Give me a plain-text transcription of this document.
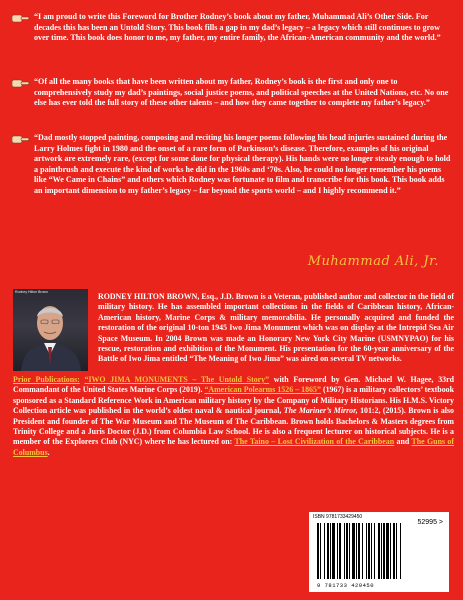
“I am proud to write this Foreword for Brother Rodney’s book about my father, Muhammad Ali’s Other Side. For decades this has been an Untold Story. This book fills a gap in my dad’s legacy – a legacy which still continues to grow over time. This book does honor to me, my father, my entire family, the African-American community and the world.”

“Of all the many books that have been written about my father, Rodney’s book is the first and only one to comprehensively study my dad’s paintings, social justice poems, and political speeches at the United Nations, etc. No one else has ever told the full story of these other talents – and how they came together to complete my father’s legacy.”

“Dad mostly stopped painting, composing and reciting his longer poems following his head injuries sustained during the Larry Holmes fight in 1980 and the onset of a rare form of Parkinson’s disease. Therefore, examples of his original artwork are extremely rare, (except for some done for physical therapy). His hands were no longer steady enough to hold a paintbrush and execute the kind of works he did in the 1960s and ‘70s. Also, he could no longer remember his poems like “We Came in Chains” and others which Rodney was fortunate to film and transcribe for this book. This book adds an important dimension to my father’s legacy – far beyond the sports world – and I highly recommend it.”

Muhammad Ali, Jr.
Rodney Hilton Brown	RODNEY HILTON BROWN, Esq., J.D. Brown is a Veteran, published author and collector in the field of military history. He has assembled important collections in the fields of Caribbean history, African-American history, Marine Corps & military memorabilia. He personally acquired and funded the restoration of the original 10-ton 1945 Iwo Jima Monument which was on display at the Intrepid Sea Air Space Museum. In 2004 Brown was made an Honorary New York City Marine (USMNYPAO) for his rescue, restoration and exhibition of the Monument. His presentation for the 60-year anniversary of the Battle of Iwo Jima entitled “The Meaning of Iwo Jima” was aired on several TV networks.

Prior Publications: “IWO JIMA MONUMENTS – The Untold Story” with Foreword by Gen. Michael W. Hagee, 33rd Commandant of the United States Marine Corps (2019). “American Polearms 1526 – 1865” (1967) is a military collectors’ textbook sponsored as a Standard Reference Work in American military history by the Company of Military Historians. His H.M.S. Victory Collection article was published in the world’s oldest naval & nautical journal, The Mariner’s Mirror, 101:2, (2015). Brown is also President and founder of The War Museum and The Museum of The Caribbean. Brown holds Bachelors & Masters degrees from Trinity College and a Juris Doctor (J.D.) from Columbia Law School. He is also a frequent lecturer on historical subjects. He is a member of the Explorers Club (NYC) where he has lectured on: The Taino – Lost Civilization of the Caribbean and The Guns of Columbus.

ISBN 9781733429450
52995 >
9 781733 429450
